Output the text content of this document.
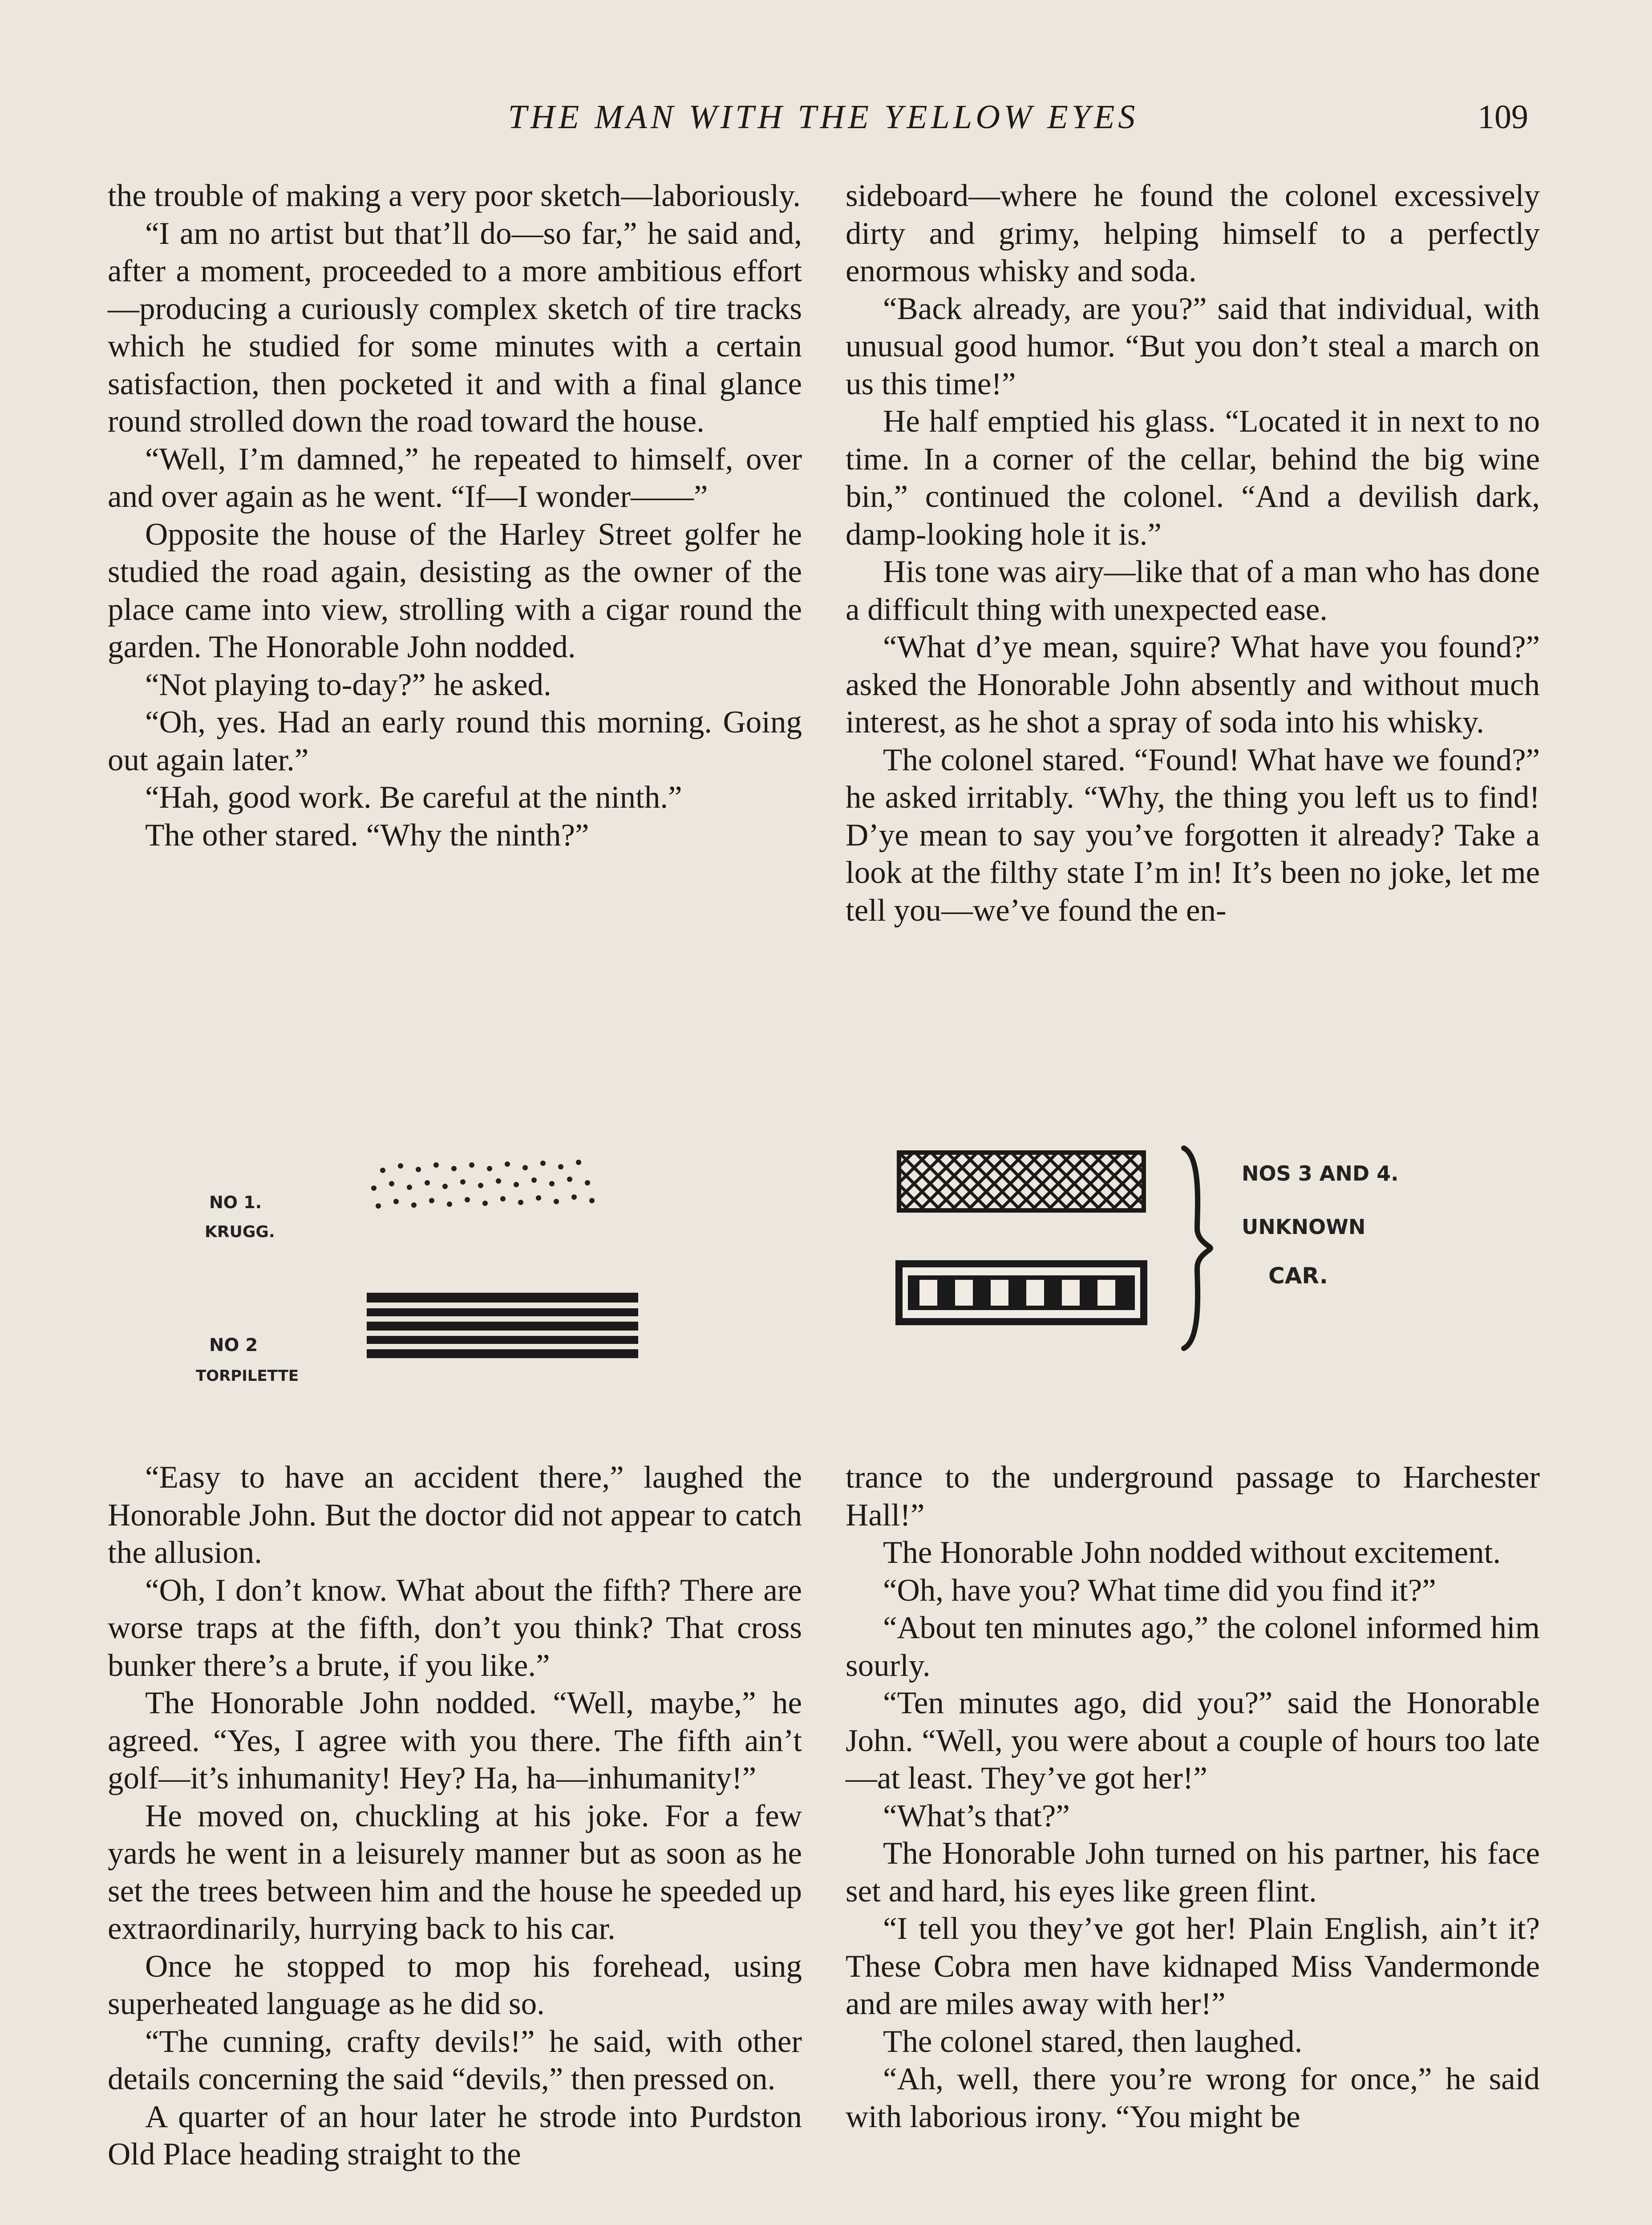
THE MAN WITH THE YELLOW EYES	109

the trouble of making a very poor sketch—laboriously.

“I am no artist but that’ll do—so far,” he said and, after a moment, proceeded to a more ambitious effort—producing a curiously complex sketch of tire tracks which he studied for some minutes with a certain satisfaction, then pocketed it and with a final glance round strolled down the road toward the house.

“Well, I’m damned,” he repeated to himself, over and over again as he went. “If—I wonder——”

Opposite the house of the Harley Street golfer he studied the road again, desisting as the owner of the place came into view, strolling with a cigar round the garden. The Honorable John nodded.

“Not playing to-day?” he asked.

“Oh, yes. Had an early round this morning. Going out again later.”

“Hah, good work. Be careful at the ninth.”

The other stared. “Why the ninth?”

sideboard—where he found the colonel excessively dirty and grimy, helping himself to a perfectly enormous whisky and soda.

“Back already, are you?” said that individual, with unusual good humor. “But you don’t steal a march on us this time!”

He half emptied his glass. “Located it in next to no time. In a corner of the cellar, behind the big wine bin,” continued the colonel. “And a devilish dark, damp-looking hole it is.”

His tone was airy—like that of a man who has done a difficult thing with unexpected ease.

“What d’ye mean, squire? What have you found?” asked the Honorable John absently and without much interest, as he shot a spray of soda into his whisky.

The colonel stared. “Found! What have we found?” he asked irritably. “Why, the thing you left us to find! D’ye mean to say you’ve forgotten it already? Take a look at the filthy state I’m in! It’s been no joke, let me tell you—we’ve found the en-

NO 1.
KRUGG.
NO 2
TORPILETTE
NOS 3 AND 4.
UNKNOWN
CAR.

“Easy to have an accident there,” laughed the Honorable John. But the doctor did not appear to catch the allusion.

“Oh, I don’t know. What about the fifth? There are worse traps at the fifth, don’t you think? That cross bunker there’s a brute, if you like.”

The Honorable John nodded. “Well, maybe,” he agreed. “Yes, I agree with you there. The fifth ain’t golf—it’s inhumanity! Hey? Ha, ha—inhumanity!”

He moved on, chuckling at his joke. For a few yards he went in a leisurely manner but as soon as he set the trees between him and the house he speeded up extraordinarily, hurrying back to his car.

Once he stopped to mop his forehead, using superheated language as he did so.

“The cunning, crafty devils!” he said, with other details concerning the said “devils,” then pressed on.

A quarter of an hour later he strode into Purdston Old Place heading straight to the

trance to the underground passage to Harchester Hall!”

The Honorable John nodded without excitement.

“Oh, have you? What time did you find it?”

“About ten minutes ago,” the colonel informed him sourly.

“Ten minutes ago, did you?” said the Honorable John. “Well, you were about a couple of hours too late—at least. They’ve got her!”

“What’s that?”

The Honorable John turned on his partner, his face set and hard, his eyes like green flint.

“I tell you they’ve got her! Plain English, ain’t it? These Cobra men have kidnaped Miss Vandermonde and are miles away with her!”

The colonel stared, then laughed.

“Ah, well, there you’re wrong for once,” he said with laborious irony. “You might be
